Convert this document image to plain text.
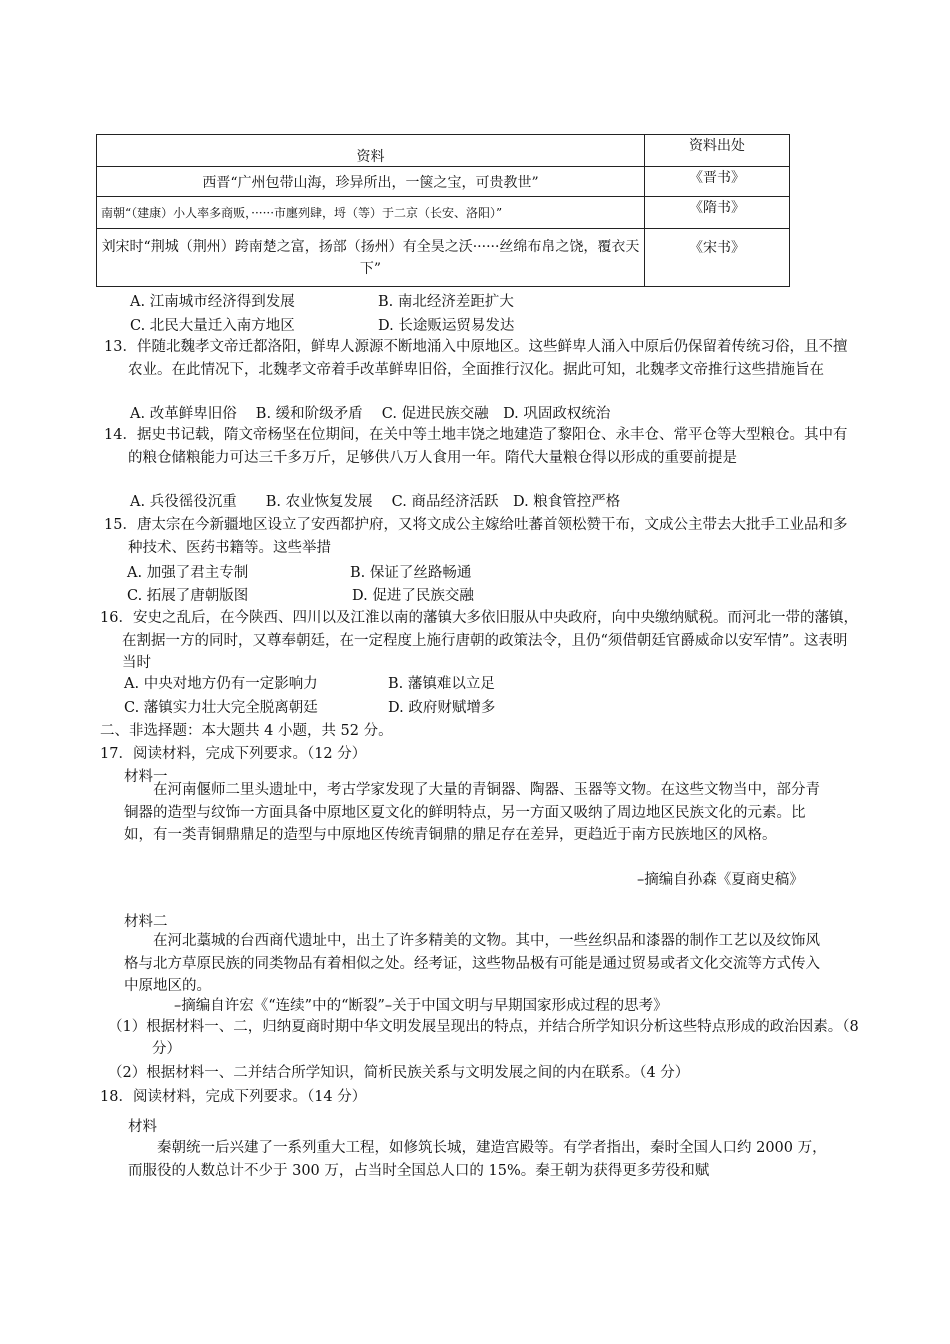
资料	资料出处
西晋“广州包带山海，珍异所出，一箧之宝，可贵教世”	《晋书》
南朝“（建康）小人率多商贩，······市廛列肆，埒（等）于二京（长安、洛阳）”	《隋书》
刘宋时“荆城（荆州）跨南楚之富，扬部（扬州）有全昊之沃······丝绵布帛之饶，覆衣天下”	《宋书》
A. 江南城市经济得到发展	B. 南北经济差距扩大
C. 北民大量迁入南方地区	D. 长途贩运贸易发达
13．伴随北魏孝文帝迁都洛阳，鲜卑人源源不断地涌入中原地区。这些鲜卑人涌入中原后仍保留着传统习俗，且不擅农业。在此情况下，北魏孝文帝着手改革鲜卑旧俗，全面推行汉化。据此可知，北魏孝文帝推行这些措施旨在
A. 改革鲜卑旧俗　 B. 缓和阶级矛盾　 C. 促进民族交融　D. 巩固政权统治
14．据史书记载，隋文帝杨坚在位期间，在关中等土地丰饶之地建造了黎阳仓、永丰仓、常平仓等大型粮仓。其中有的粮仓储粮能力可达三千多万斤，足够供八万人食用一年。隋代大量粮仓得以形成的重要前提是
A. 兵役徭役沉重　　B. 农业恢复发展　 C. 商品经济活跃　D. 粮食管控严格
15．唐太宗在今新疆地区设立了安西都护府，又将文成公主嫁给吐蕃首领松赞干布，文成公主带去大批手工业品和多种技术、医药书籍等。这些举措
A. 加强了君主专制	B. 保证了丝路畅通
C. 拓展了唐朝版图	D. 促进了民族交融
16．安史之乱后，在今陕西、四川以及江淮以南的藩镇大多依旧服从中央政府，向中央缴纳赋税。而河北一带的藩镇，在割据一方的同时，又尊奉朝廷，在一定程度上施行唐朝的政策法令，且仍“须借朝廷官爵威命以安军情”。这表明当时
A. 中央对地方仍有一定影响力	B. 藩镇难以立足
C. 藩镇实力壮大完全脱离朝廷	D. 政府财赋增多
二、非选择题：本大题共 4 小题，共 52 分。
17．阅读材料，完成下列要求。（12 分）
材料一
在河南偃师二里头遗址中，考古学家发现了大量的青铜器、陶器、玉器等文物。在这些文物当中，部分青铜器的造型与纹饰一方面具备中原地区夏文化的鲜明特点，另一方面又吸纳了周边地区民族文化的元素。比如，有一类青铜鼎鼎足的造型与中原地区传统青铜鼎的鼎足存在差异，更趋近于南方民族地区的风格。
–摘编自孙森《夏商史稿》
材料二
在河北藁城的台西商代遗址中，出土了许多精美的文物。其中，一些丝织品和漆器的制作工艺以及纹饰风格与北方草原民族的同类物品有着相似之处。经考证，这些物品极有可能是通过贸易或者文化交流等方式传入中原地区的。
–摘编自许宏《“连续”中的“断裂”–关于中国文明与早期国家形成过程的思考》
（1）根据材料一、二，归纳夏商时期中华文明发展呈现出的特点，并结合所学知识分析这些特点形成的政治因素。（8分）
（2）根据材料一、二并结合所学知识，简析民族关系与文明发展之间的内在联系。（4 分）
18．阅读材料，完成下列要求。（14 分）
材料
秦朝统一后兴建了一系列重大工程，如修筑长城，建造宫殿等。有学者指出，秦时全国人口约 2000 万，而服役的人数总计不少于 300 万，占当时全国总人口的 15%。秦王朝为获得更多劳役和赋
